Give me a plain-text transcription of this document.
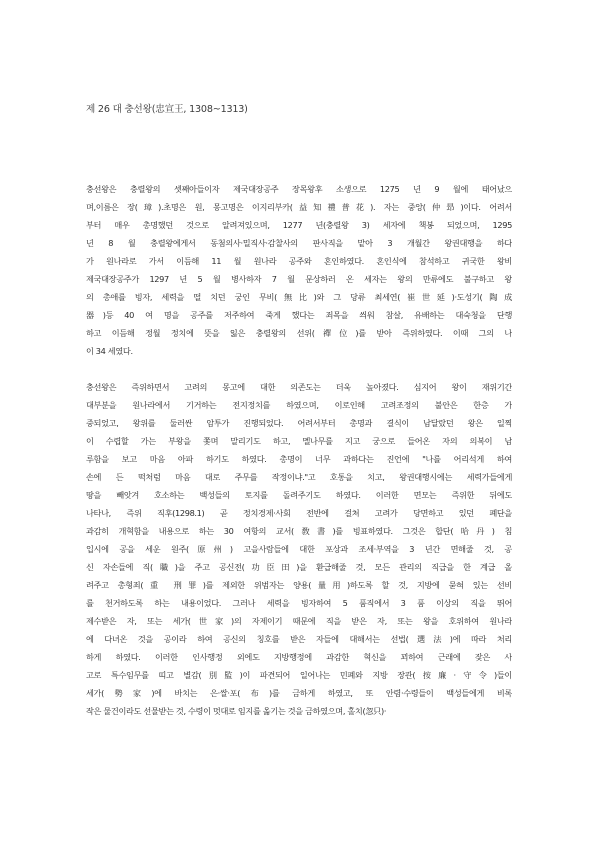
제 26 대 충선왕(忠宣王, 1308~1313)
충선왕은 충렬왕의 셋째아들이자 제국대장공주 장목왕후 소생으로 1275 년 9 월에 태어났으
며,이름은 장(璋).초명은 원, 몽고명은 이지리부카(益知禮普花). 자는 중앙(仲昻)이다. 어려서
부터 매우 총명했던 것으로 알려져있으며, 1277 년(충렬왕 3) 세자에 책봉 되었으며, 1295
년 8 월 충렬왕에게서 동첨의사·밀직사·감찰사의 판사직을 맡아 3 개월간 왕권대행을 하다
가 원나라로 가서 이듬해 11 월 원나라 공주와 혼인하였다. 혼인식에 참석하고 귀국한 왕비
제국대장공주가 1297 년 5 월 병사하자 7 월 문상하러 온 세자는 왕의 만류에도 불구하고 왕
의 총애를 빙자, 세력을 떨 치던 궁인 무비(無比)와 그 당류 최세연(崔世延)·도성기(陶成
器)등 40 여 명을 공주를 저주하여 죽게 했다는 죄목을 씌워 참살, 유배하는 대숙청을 단행
하고 이듬해 정월 정치에 뜻을 잃은 충렬왕의 선위(禪位)를 받아 즉위하였다. 이때 그의 나
이 34 세였다.
충선왕은 즉위하면서 고려의 몽고에 대한 의존도는 더욱 높아졌다. 심지어 왕이 재위기간
대부분을 원나라에서 기거하는 전지정치를 하였으며, 이로인해 고려조정의 불안은 한층 가
중되었고, 왕위를 둘러싼 암투가 진행되었다. 어려서부터 총명과 결식이 남달랐던 왕은 일찍
이 수렵할 가는 부왕을 쫓며 말리기도 하고, 멜나무를 지고 궁으로 들어온 자의 의복이 남
루함을 보고 마음 아파 하기도 하였다. 총명이 너무 과하다는 진언에 "나를 어리석게 하여
손에 든 떡처럼 마음 대로 주무를 작정이냐."고 호통을 치고, 왕권대행시에는 세력가들에게
땅을 빼앗겨 호소하는 백성들의 토지를 돌려주기도 하였다. 이러한 면모는 즉위한 뒤에도
나타나, 즉위 직후(1298.1) 곧 정치경제·사회 전반에 걸쳐 고려가 당면하고 있던 폐단을
과감히 개혁함을 내용으로 하는 30 여항의 교서(敎書)를 빙표하였다. 그것은 합단(哈丹) 침
입시에 공을 세운 원주(原州) 고을사람들에 대한 포상과 조세·부역을 3 년간 면해줄 것, 공
신 자손들에 직(職)을 주고 공신전(功臣田)을 환급해줄 것, 모든 관리의 직급을 한 계급 올
려주고 총형죄(重 刑罪)를 제외한 위범자는 양용(量用)하도록 할 것, 지방에 묻혀 있는 선비
를 천거하도록 하는 내용이었다. 그러나 세력을 빙자하여 5 품직에서 3 품 이상의 직을 뛰어
제수받은 자, 또는 세가(世家)의 자제이기 때문에 직을 받은 자, 또는 왕을 호위하여 원나라
에 다녀온 것을 공이라 하여 공신의 칭호를 받은 자들에 대해서는 선법(選法)에 따라 처리
하게 하였다. 이러한 인사행정 외에도 지방행정에 과감한 혁신을 꾀하여 근래에 잦은 사
고로 특수임무를 띠고 별감(別監)이 파견되어 일어나는 민폐와 지방 장관(按廉·守令)들이
세가(勢家)에 바치는 은·쌀·포(布)를 금하게 하였고, 또 안렴·수령들이 백성들에게 비록
작은 물건이라도 선물받는 것, 수령이 멋대로 임지를 옮기는 것을 금하였으며, 홀치(忽只)·
